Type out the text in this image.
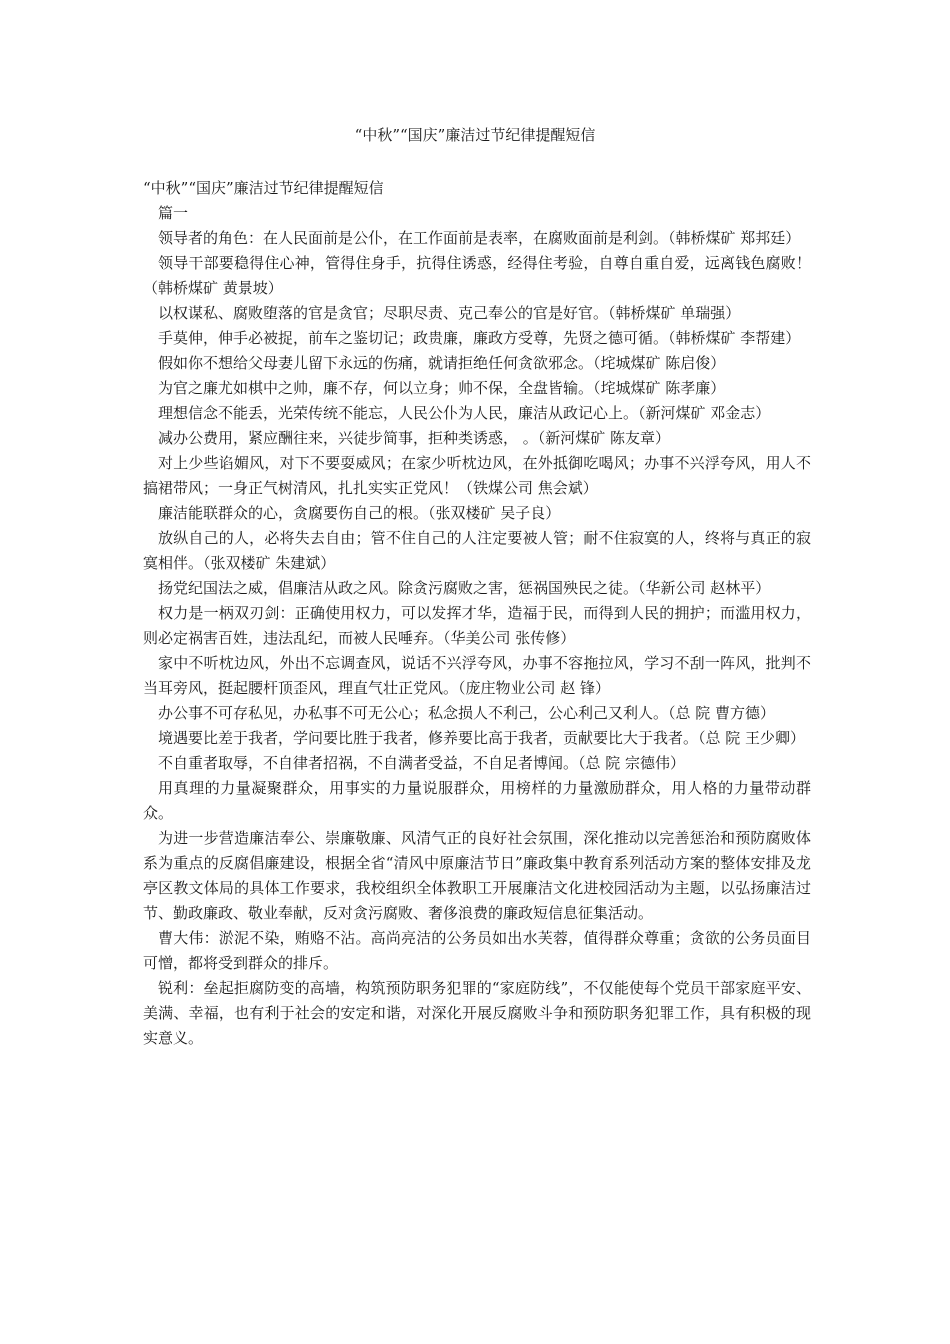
“中秋”“国庆”廉洁过节纪律提醒短信
“中秋”“国庆”廉洁过节纪律提醒短信

篇一

领导者的角色：在人民面前是公仆，在工作面前是表率，在腐败面前是利剑。（韩桥煤矿 郑邦廷）

领导干部要稳得住心神，管得住身手，抗得住诱惑，经得住考验，自尊自重自爱，远离钱色腐败！（韩桥煤矿 黄景坡）

以权谋私、腐败堕落的官是贪官；尽职尽责、克己奉公的官是好官。（韩桥煤矿 单瑞强）

手莫伸，伸手必被捉，前车之鉴切记；政贵廉，廉政方受尊，先贤之德可循。（韩桥煤矿 李帮建）

假如你不想给父母妻儿留下永远的伤痛，就请拒绝任何贪欲邪念。（垞城煤矿 陈启俊）

为官之廉尤如棋中之帅，廉不存，何以立身；帅不保，全盘皆输。（垞城煤矿 陈孝廉）

理想信念不能丢，光荣传统不能忘，人民公仆为人民，廉洁从政记心上。（新河煤矿 邓金志）

减办公费用，紧应酬往来，兴徒步简事，拒种类诱惑， 。（新河煤矿 陈友章）

对上少些谄媚风，对下不要耍威风；在家少听枕边风，在外抵御吃喝风；办事不兴浮夸风，用人不搞裙带风；一身正气树清风，扎扎实实正党风！（铁煤公司 焦会斌）

廉洁能联群众的心，贪腐要伤自己的根。（张双楼矿 吴子良）

放纵自己的人，必将失去自由；管不住自己的人注定要被人管；耐不住寂寞的人，终将与真正的寂寞相伴。（张双楼矿 朱建斌）

扬党纪国法之威，倡廉洁从政之风。除贪污腐败之害，惩祸国殃民之徒。（华新公司 赵林平）

权力是一柄双刃剑：正确使用权力，可以发挥才华，造福于民，而得到人民的拥护；而滥用权力，则必定祸害百姓，违法乱纪，而被人民唾弃。（华美公司 张传修）

家中不听枕边风，外出不忘调查风，说话不兴浮夸风，办事不容拖拉风，学习不刮一阵风，批判不当耳旁风，挺起腰杆顶歪风，理直气壮正党风。（庞庄物业公司 赵 锋）

办公事不可存私见，办私事不可无公心；私念损人不利己，公心利己又利人。（总 院 曹方德）

境遇要比差于我者，学问要比胜于我者，修养要比高于我者，贡献要比大于我者。（总 院 王少卿）

不自重者取辱，不自律者招祸，不自满者受益，不自足者博闻。（总 院 宗德伟）

用真理的力量凝聚群众，用事实的力量说服群众，用榜样的力量激励群众，用人格的力量带动群众。

为进一步营造廉洁奉公、崇廉敬廉、风清气正的良好社会氛围，深化推动以完善惩治和预防腐败体系为重点的反腐倡廉建设，根据全省“清风中原廉洁节日”廉政集中教育系列活动方案的整体安排及龙亭区教文体局的具体工作要求，我校组织全体教职工开展廉洁文化进校园活动为主题，以弘扬廉洁过节、勤政廉政、敬业奉献，反对贪污腐败、奢侈浪费的廉政短信息征集活动。

曹大伟：淤泥不染，贿赂不沾。高尚亮洁的公务员如出水芙蓉，值得群众尊重；贪欲的公务员面目可憎，都将受到群众的排斥。

锐利：垒起拒腐防变的高墙，构筑预防职务犯罪的“家庭防线”，不仅能使每个党员干部家庭平安、美满、幸福，也有利于社会的安定和谐，对深化开展反腐败斗争和预防职务犯罪工作，具有积极的现实意义。
